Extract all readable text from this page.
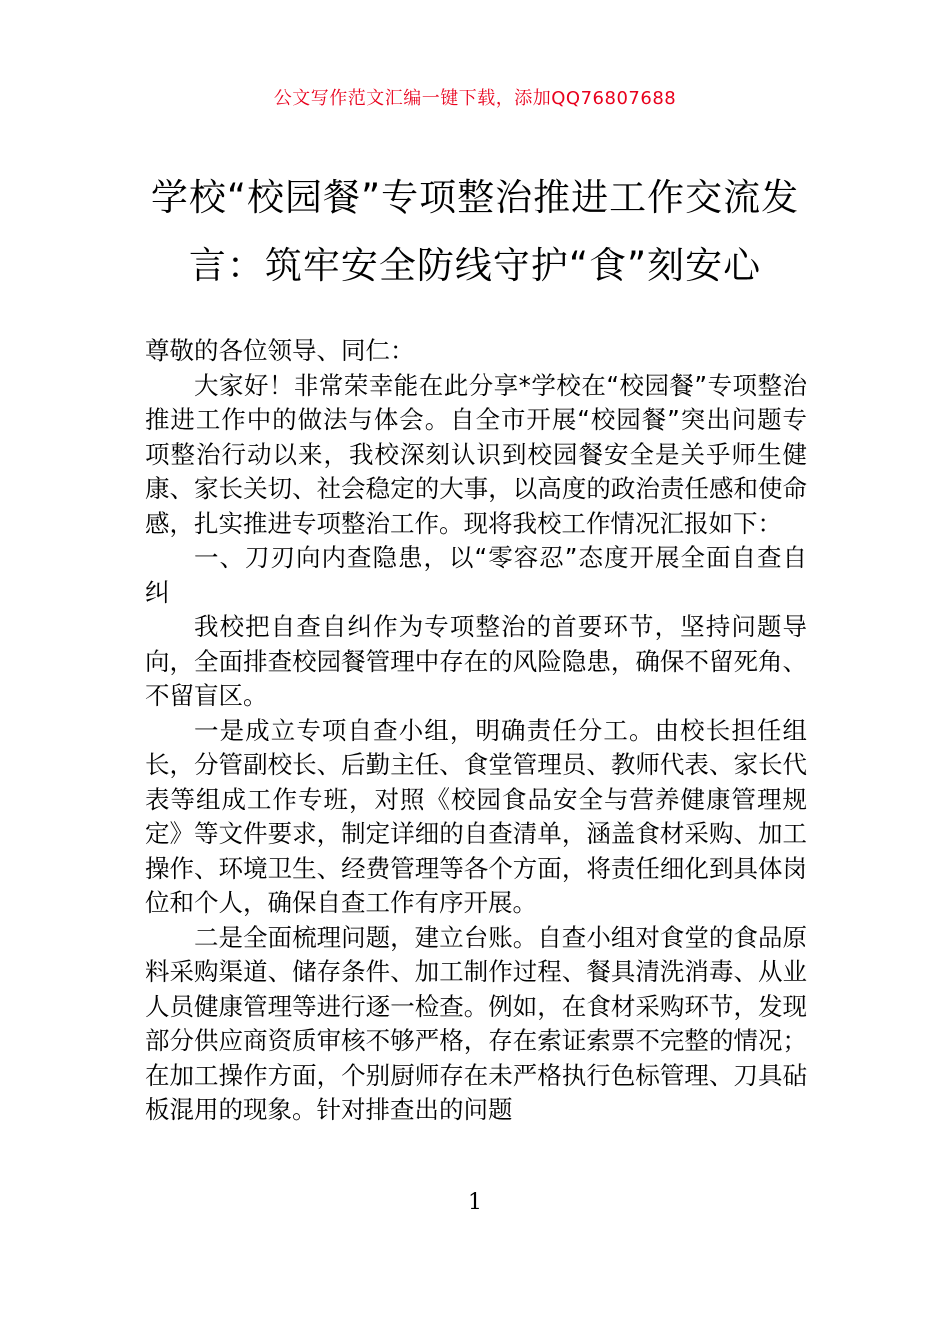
公文写作范文汇编一键下载，添加QQ76807688
学校“校园餐”专项整治推进工作交流发
言：筑牢安全防线守护“食”刻安心

尊敬的各位领导、同仁：

大家好！非常荣幸能在此分享*学校在“校园餐”专项整治推进工作中的做法与体会。自全市开展“校园餐”突出问题专项整治行动以来，我校深刻认识到校园餐安全是关乎师生健康、家长关切、社会稳定的大事，以高度的政治责任感和使命感，扎实推进专项整治工作。现将我校工作情况汇报如下：

一、刀刃向内查隐患，以“零容忍”态度开展全面自查自纠

我校把自查自纠作为专项整治的首要环节，坚持问题导向，全面排查校园餐管理中存在的风险隐患，确保不留死角、不留盲区。

一是成立专项自查小组，明确责任分工。由校长担任组长，分管副校长、后勤主任、食堂管理员、教师代表、家长代表等组成工作专班，对照《校园食品安全与营养健康管理规定》等文件要求，制定详细的自查清单，涵盖食材采购、加工操作、环境卫生、经费管理等各个方面，将责任细化到具体岗位和个人，确保自查工作有序开展。

二是全面梳理问题，建立台账。自查小组对食堂的食品原料采购渠道、储存条件、加工制作过程、餐具清洗消毒、从业人员健康管理等进行逐一检查。例如，在食材采购环节，发现部分供应商资质审核不够严格，存在索证索票不完整的情况；在加工操作方面，个别厨师存在未严格执行色标管理、刀具砧板混用的现象。针对排查出的问题

1
